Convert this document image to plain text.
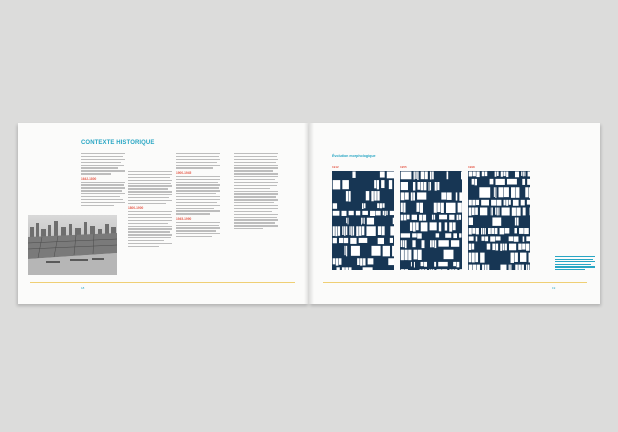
CONTEXTE HISTORIQUE
1642-1800
1800-1900
1900-1945
1945-1990
18
Évolution morphologique
1912	1955	1998
19
